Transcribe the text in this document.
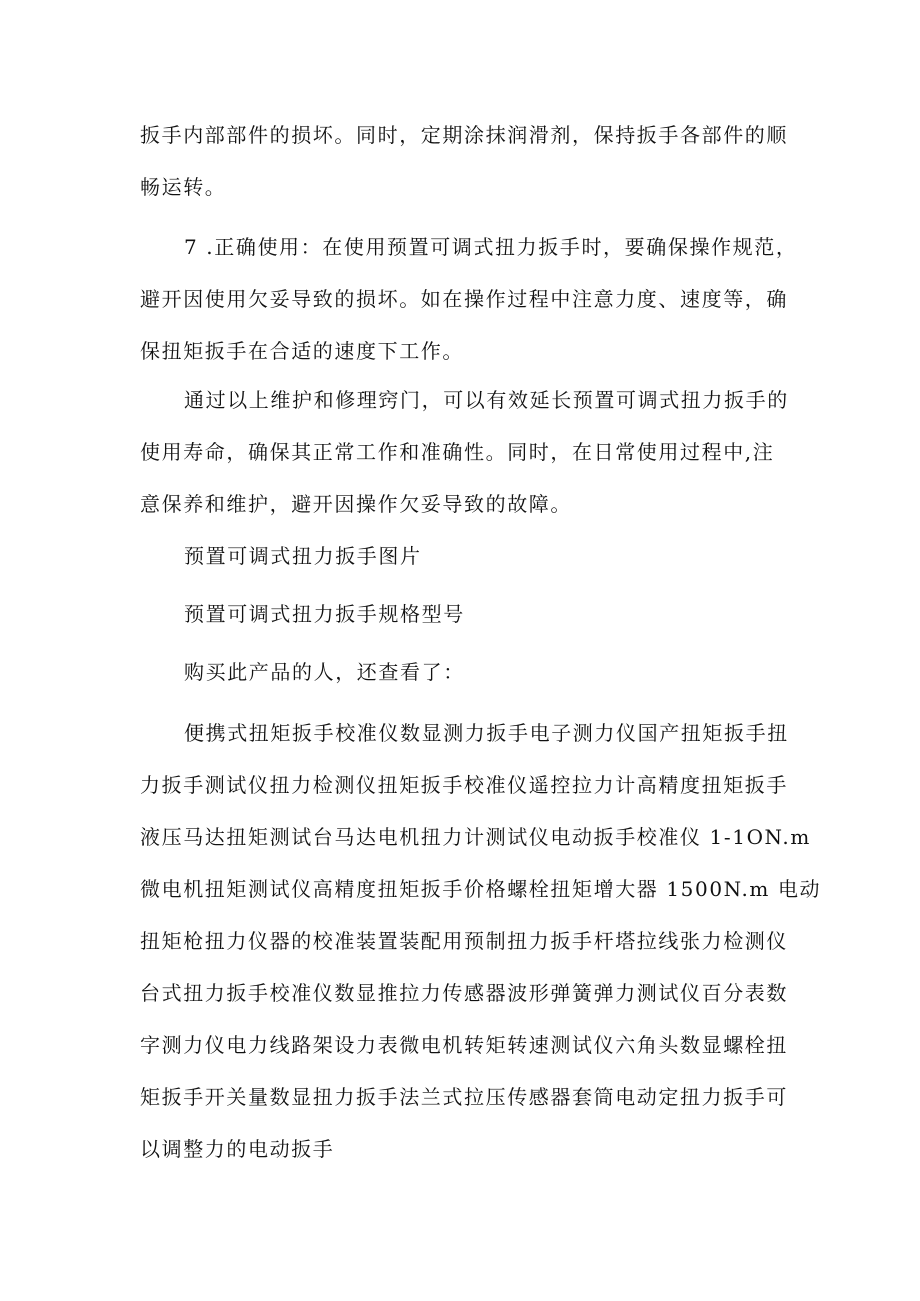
扳手内部部件的损坏。同时，定期涂抹润滑剂，保持扳手各部件的顺
畅运转。
7 .正确使用：在使用预置可调式扭力扳手时，要确保操作规范，
避开因使用欠妥导致的损坏。如在操作过程中注意力度、速度等，确
保扭矩扳手在合适的速度下工作。
通过以上维护和修理窍门，可以有效延长预置可调式扭力扳手的
使用寿命，确保其正常工作和准确性。同时，在日常使用过程中,注
意保养和维护，避开因操作欠妥导致的故障。
预置可调式扭力扳手图片
预置可调式扭力扳手规格型号
购买此产品的人，还查看了：
便携式扭矩扳手校准仪数显测力扳手电子测力仪国产扭矩扳手扭
力扳手测试仪扭力检测仪扭矩扳手校准仪遥控拉力计高精度扭矩扳手
液压马达扭矩测试台马达电机扭力计测试仪电动扳手校准仪 1-1ON.m
微电机扭矩测试仪高精度扭矩扳手价格螺栓扭矩增大器 1500N.m 电动
扭矩枪扭力仪器的校准装置装配用预制扭力扳手杆塔拉线张力检测仪
台式扭力扳手校准仪数显推拉力传感器波形弹簧弹力测试仪百分表数
字测力仪电力线路架设力表微电机转矩转速测试仪六角头数显螺栓扭
矩扳手开关量数显扭力扳手法兰式拉压传感器套筒电动定扭力扳手可
以调整力的电动扳手
